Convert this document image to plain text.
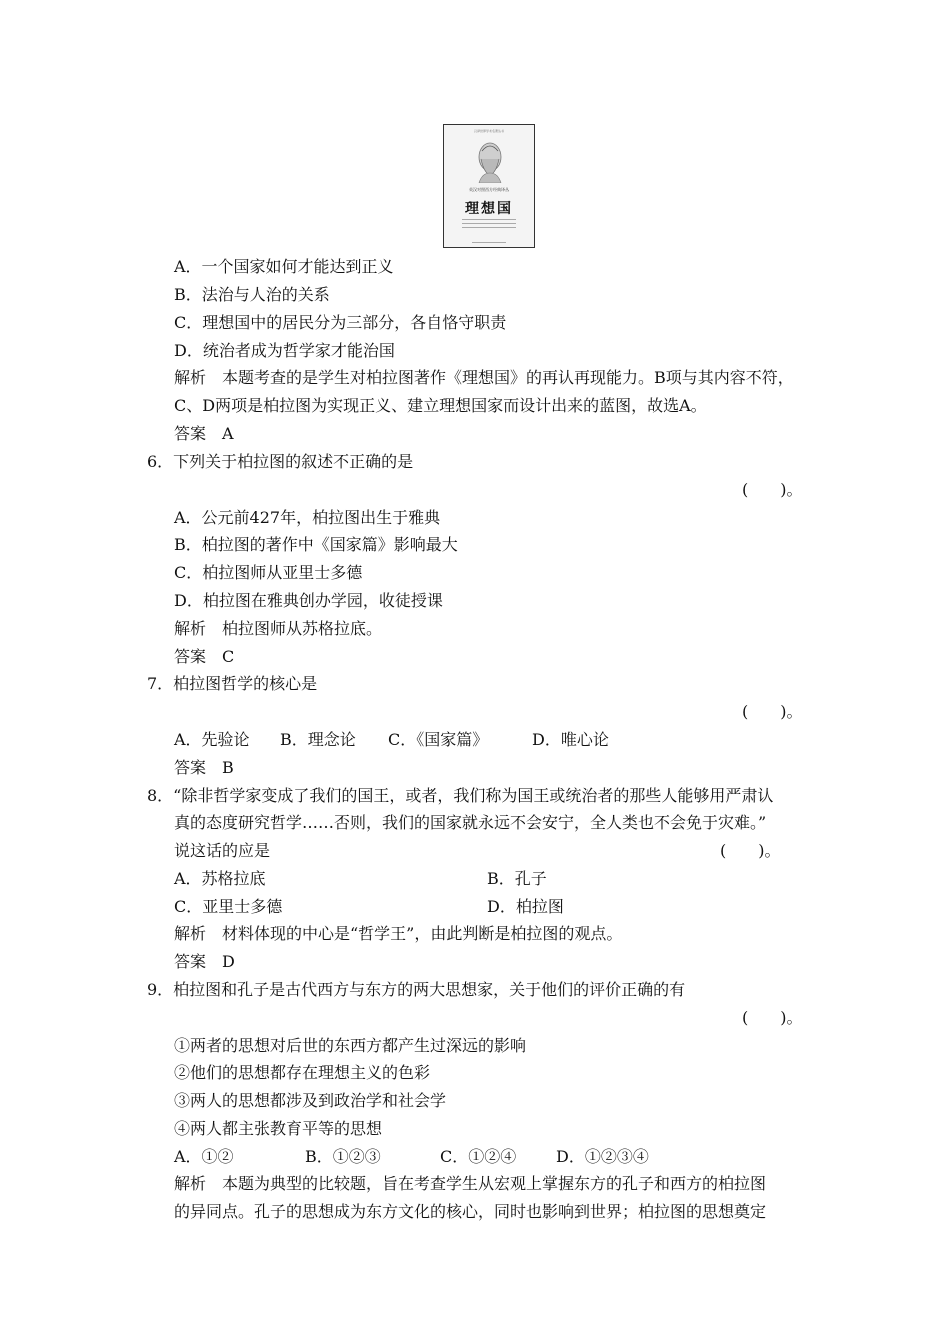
汉译世界学术名著丛书
英汉对照西方经典译丛
理想国
A．一个国家如何才能达到正义
B．法治与人治的关系
C．理想国中的居民分为三部分，各自恪守职责
D．统治者成为哲学家才能治国
解析　本题考查的是学生对柏拉图著作《理想国》的再认再现能力。B项与其内容不符，
C、D两项是柏拉图为实现正义、建立理想国家而设计出来的蓝图，故选A。
答案　A
6．下列关于柏拉图的叙述不正确的是
(　　)。
A．公元前427年，柏拉图出生于雅典
B．柏拉图的著作中《国家篇》影响最大
C．柏拉图师从亚里士多德
D．柏拉图在雅典创办学园，收徒授课
解析　柏拉图师从苏格拉底。
答案　C
7．柏拉图哲学的核心是
(　　)。
A．先验论 B．理念论 C．《国家篇》	D．唯心论
答案　B
8．“除非哲学家变成了我们的国王，或者，我们称为国王或统治者的那些人能够用严肃认
真的态度研究哲学……否则，我们的国家就永远不会安宁，全人类也不会免于灾难。”
说这话的应是	(　　)。
A．苏格拉底	B．孔子
C．亚里士多德	D．柏拉图
解析　材料体现的中心是“哲学王”，由此判断是柏拉图的观点。
答案　D
9．柏拉图和孔子是古代西方与东方的两大思想家，关于他们的评价正确的有
(　　)。
①两者的思想对后世的东西方都产生过深远的影响
②他们的思想都存在理想主义的色彩
③两人的思想都涉及到政治学和社会学
④两人都主张教育平等的思想
A．①②	B．①②③	C．①②④ D．①②③④
解析　本题为典型的比较题，旨在考查学生从宏观上掌握东方的孔子和西方的柏拉图
的异同点。孔子的思想成为东方文化的核心，同时也影响到世界；柏拉图的思想奠定
